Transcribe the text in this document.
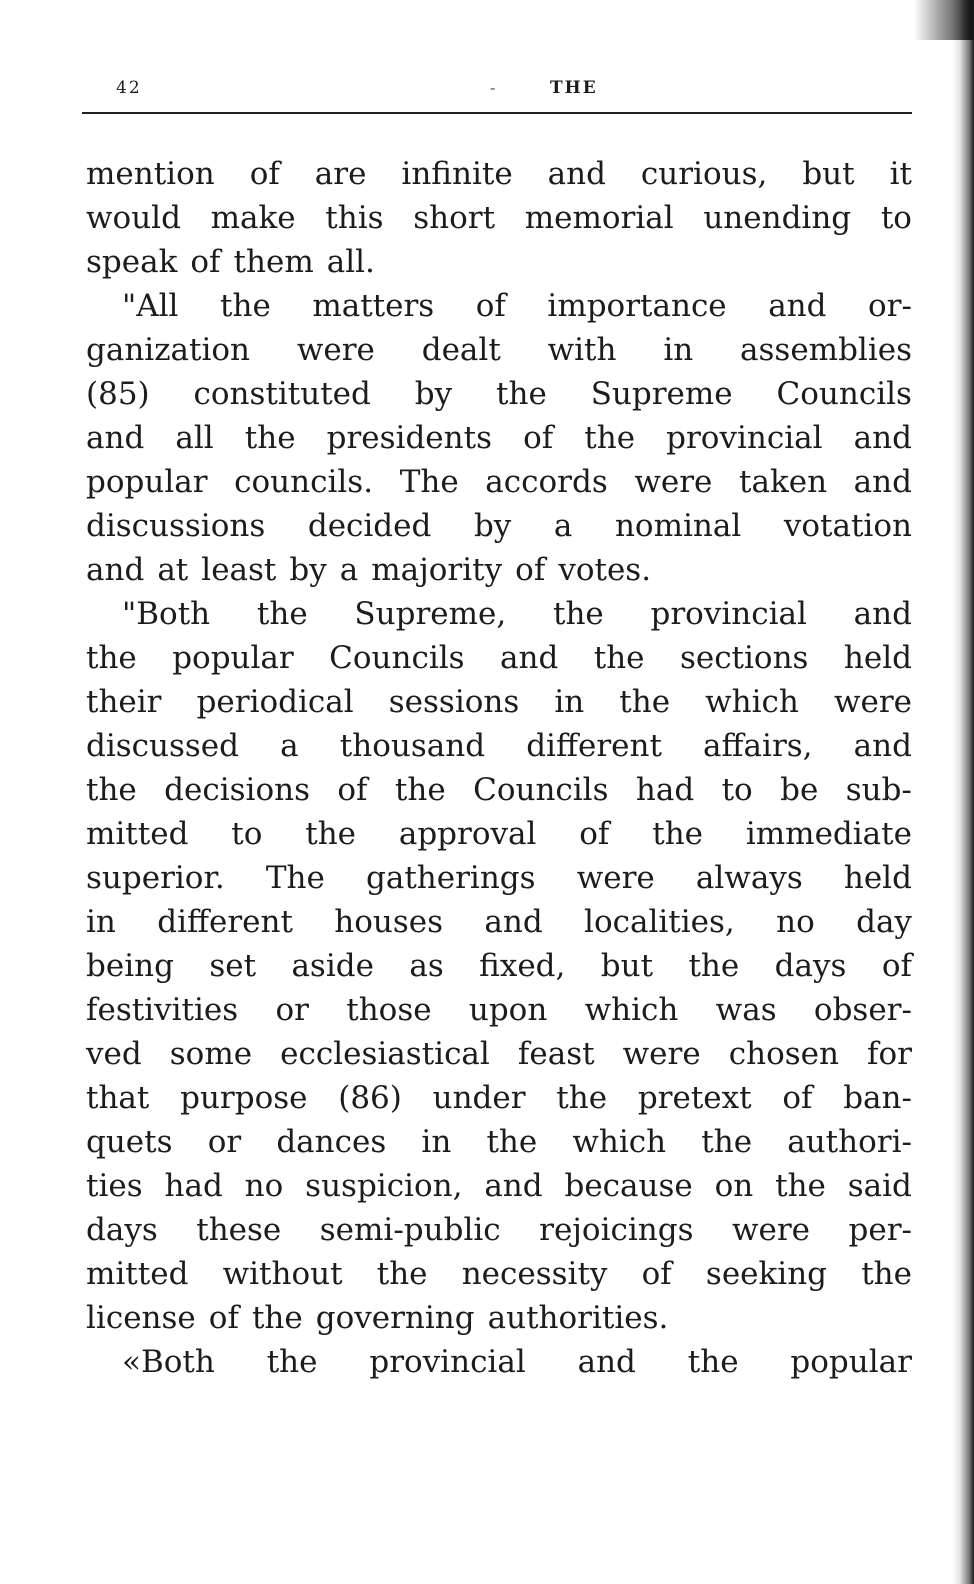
42	-	THE
mention of are infinite and curious, but it
would make this short memorial unending to
speak of them all.
"All the matters of importance and or-
ganization were dealt with in assemblies
(85) constituted by the Supreme Councils
and all the presidents of the provincial and
popular councils. The accords were taken and
discussions decided by a nominal votation
and at least by a majority of votes.
"Both the Supreme, the provincial and
the popular Councils and the sections held
their periodical sessions in the which were
discussed a thousand different affairs, and
the decisions of the Councils had to be sub-
mitted to the approval of the immediate
superior. The gatherings were always held
in different houses and localities, no day
being set aside as fixed, but the days of
festivities or those upon which was obser-
ved some ecclesiastical feast were chosen for
that purpose (86) under the pretext of ban-
quets or dances in the which the authori-
ties had no suspicion, and because on the said
days these semi-public rejoicings were per-
mitted without the necessity of seeking the
license of the governing authorities.
«Both the provincial and the popular
